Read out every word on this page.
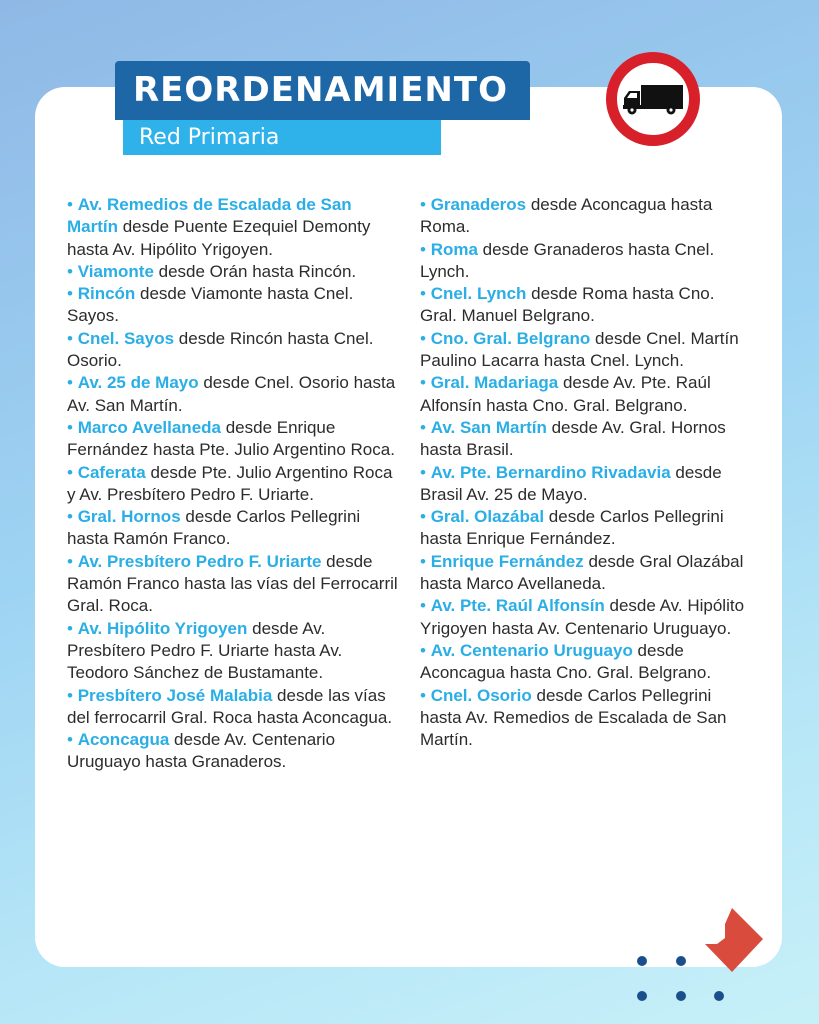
REORDENAMIENTO
Red Primaria

• Av. Remedios de Escalada de San Martín desde Puente Ezequiel Demonty hasta Av. Hipólito Yrigoyen.

• Viamonte desde Orán hasta Rincón.

• Rincón desde Viamonte hasta Cnel. Sayos.

• Cnel. Sayos desde Rincón hasta Cnel. Osorio.

• Av. 25 de Mayo desde Cnel. Osorio hasta Av. San Martín.

• Marco Avellaneda desde Enrique Fernández hasta Pte. Julio Argentino Roca.

• Caferata desde Pte. Julio Argentino Roca y Av. Presbítero Pedro F. Uriarte.

• Gral. Hornos desde Carlos Pellegrini hasta Ramón Franco.

• Av. Presbítero Pedro F. Uriarte desde Ramón Franco hasta las vías del Ferrocarril Gral. Roca.

• Av. Hipólito Yrigoyen desde Av. Presbítero Pedro F. Uriarte hasta Av. Teodoro Sánchez de Bustamante.

• Presbítero José Malabia desde las vías del ferrocarril Gral. Roca hasta Aconcagua.

• Aconcagua desde Av. Centenario Uruguayo hasta Granaderos.

• Granaderos desde Aconcagua hasta Roma.

• Roma desde Granaderos hasta Cnel. Lynch.

• Cnel. Lynch desde Roma hasta Cno. Gral. Manuel Belgrano.

• Cno. Gral. Belgrano desde Cnel. Martín Paulino Lacarra hasta Cnel. Lynch.

• Gral. Madariaga desde Av. Pte. Raúl Alfonsín hasta Cno. Gral. Belgrano.

• Av. San Martín desde Av. Gral. Hornos hasta Brasil.

• Av. Pte. Bernardino Rivadavia desde Brasil Av. 25 de Mayo.

• Gral. Olazábal desde Carlos Pellegrini hasta Enrique Fernández.

• Enrique Fernández desde Gral Olazábal hasta Marco Avellaneda.

• Av. Pte. Raúl Alfonsín desde Av. Hipólito Yrigoyen hasta Av. Centenario Uruguayo.

• Av. Centenario Uruguayo desde Aconcagua hasta Cno. Gral. Belgrano.

• Cnel. Osorio desde Carlos Pellegrini hasta Av. Remedios de Escalada de San Martín.
